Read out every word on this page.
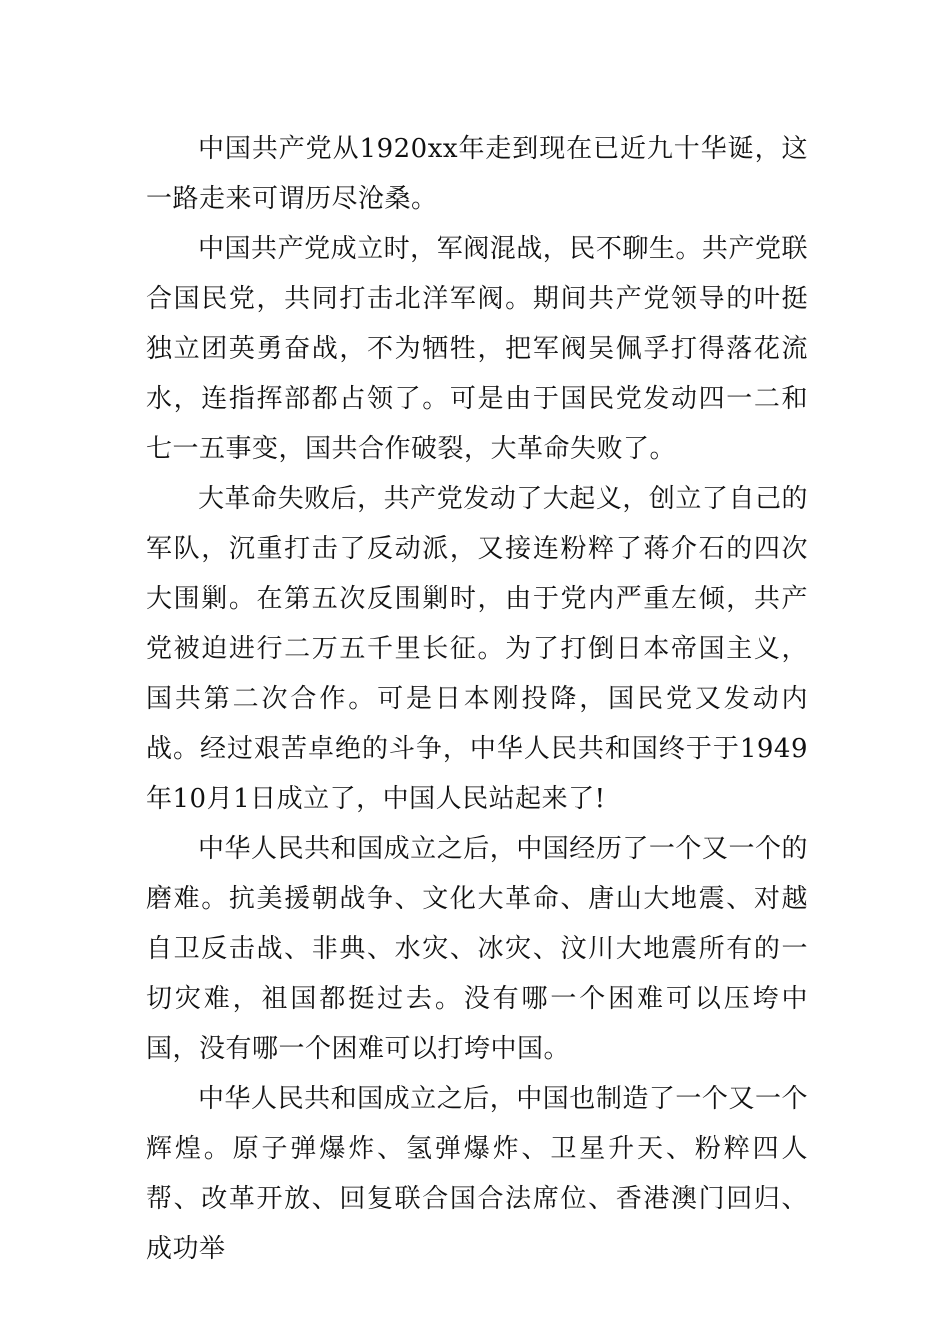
中国共产党从1920xx年走到现在已近九十华诞，这一路走来可谓历尽沧桑。

中国共产党成立时，军阀混战，民不聊生。共产党联合国民党，共同打击北洋军阀。期间共产党领导的叶挺独立团英勇奋战，不为牺牲，把军阀吴佩孚打得落花流水，连指挥部都占领了。可是由于国民党发动四一二和七一五事变，国共合作破裂，大革命失败了。

大革命失败后，共产党发动了大起义，创立了自己的军队，沉重打击了反动派，又接连粉粹了蒋介石的四次大围剿。在第五次反围剿时，由于党内严重左倾，共产党被迫进行二万五千里长征。为了打倒日本帝国主义，国共第二次合作。可是日本刚投降，国民党又发动内战。经过艰苦卓绝的斗争，中华人民共和国终于于1949年10月1日成立了，中国人民站起来了!

中华人民共和国成立之后，中国经历了一个又一个的磨难。抗美援朝战争、文化大革命、唐山大地震、对越自卫反击战、非典、水灾、冰灾、汶川大地震所有的一切灾难，祖国都挺过去。没有哪一个困难可以压垮中国，没有哪一个困难可以打垮中国。

中华人民共和国成立之后，中国也制造了一个又一个辉煌。原子弹爆炸、氢弹爆炸、卫星升天、粉粹四人帮、改革开放、回复联合国合法席位、香港澳门回归、成功举
